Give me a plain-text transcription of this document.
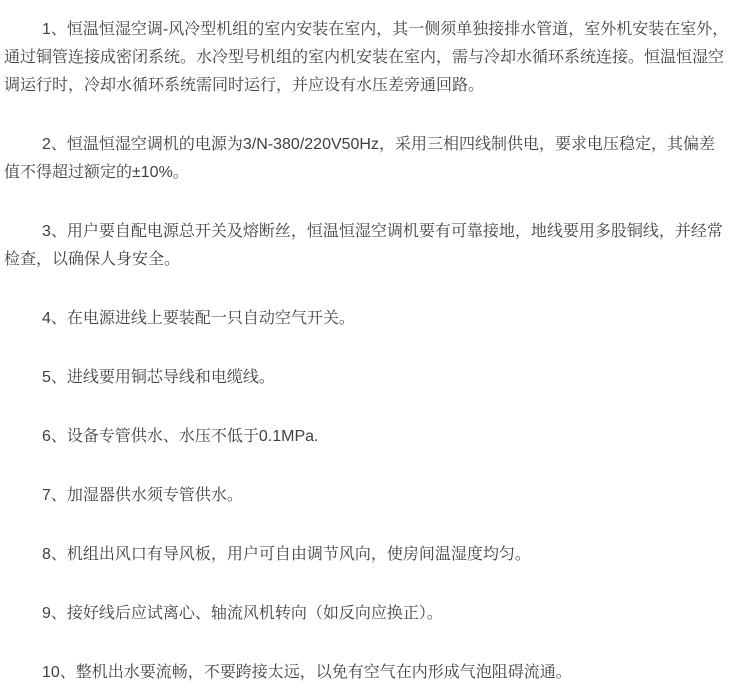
1、恒温恒湿空调-风冷型机组的室内安装在室内，其一侧须单独接排水管道，室外机安装在室外，通过铜管连接成密闭系统。水冷型号机组的室内机安装在室内，需与冷却水循环系统连接。恒温恒湿空调运行时，冷却水循环系统需同时运行，并应设有水压差旁通回路。

2、恒温恒湿空调机的电源为3/N-380/220V50Hz，采用三相四线制供电，要求电压稳定，其偏差值不得超过额定的±10%。

3、用户要自配电源总开关及熔断丝，恒温恒湿空调机要有可靠接地，地线要用多股铜线，并经常检查，以确保人身安全。

4、在电源进线上要装配一只自动空气开关。

5、进线要用铜芯导线和电缆线。

6、设备专管供水、水压不低于0.1MPa.

7、加湿器供水须专管供水。

8、机组出风口有导风板，用户可自由调节风向，使房间温湿度均匀。

9、接好线后应试离心、轴流风机转向（如反向应换正）。

10、整机出水要流畅，不要跨接太远，以免有空气在内形成气泡阻碍流通。
